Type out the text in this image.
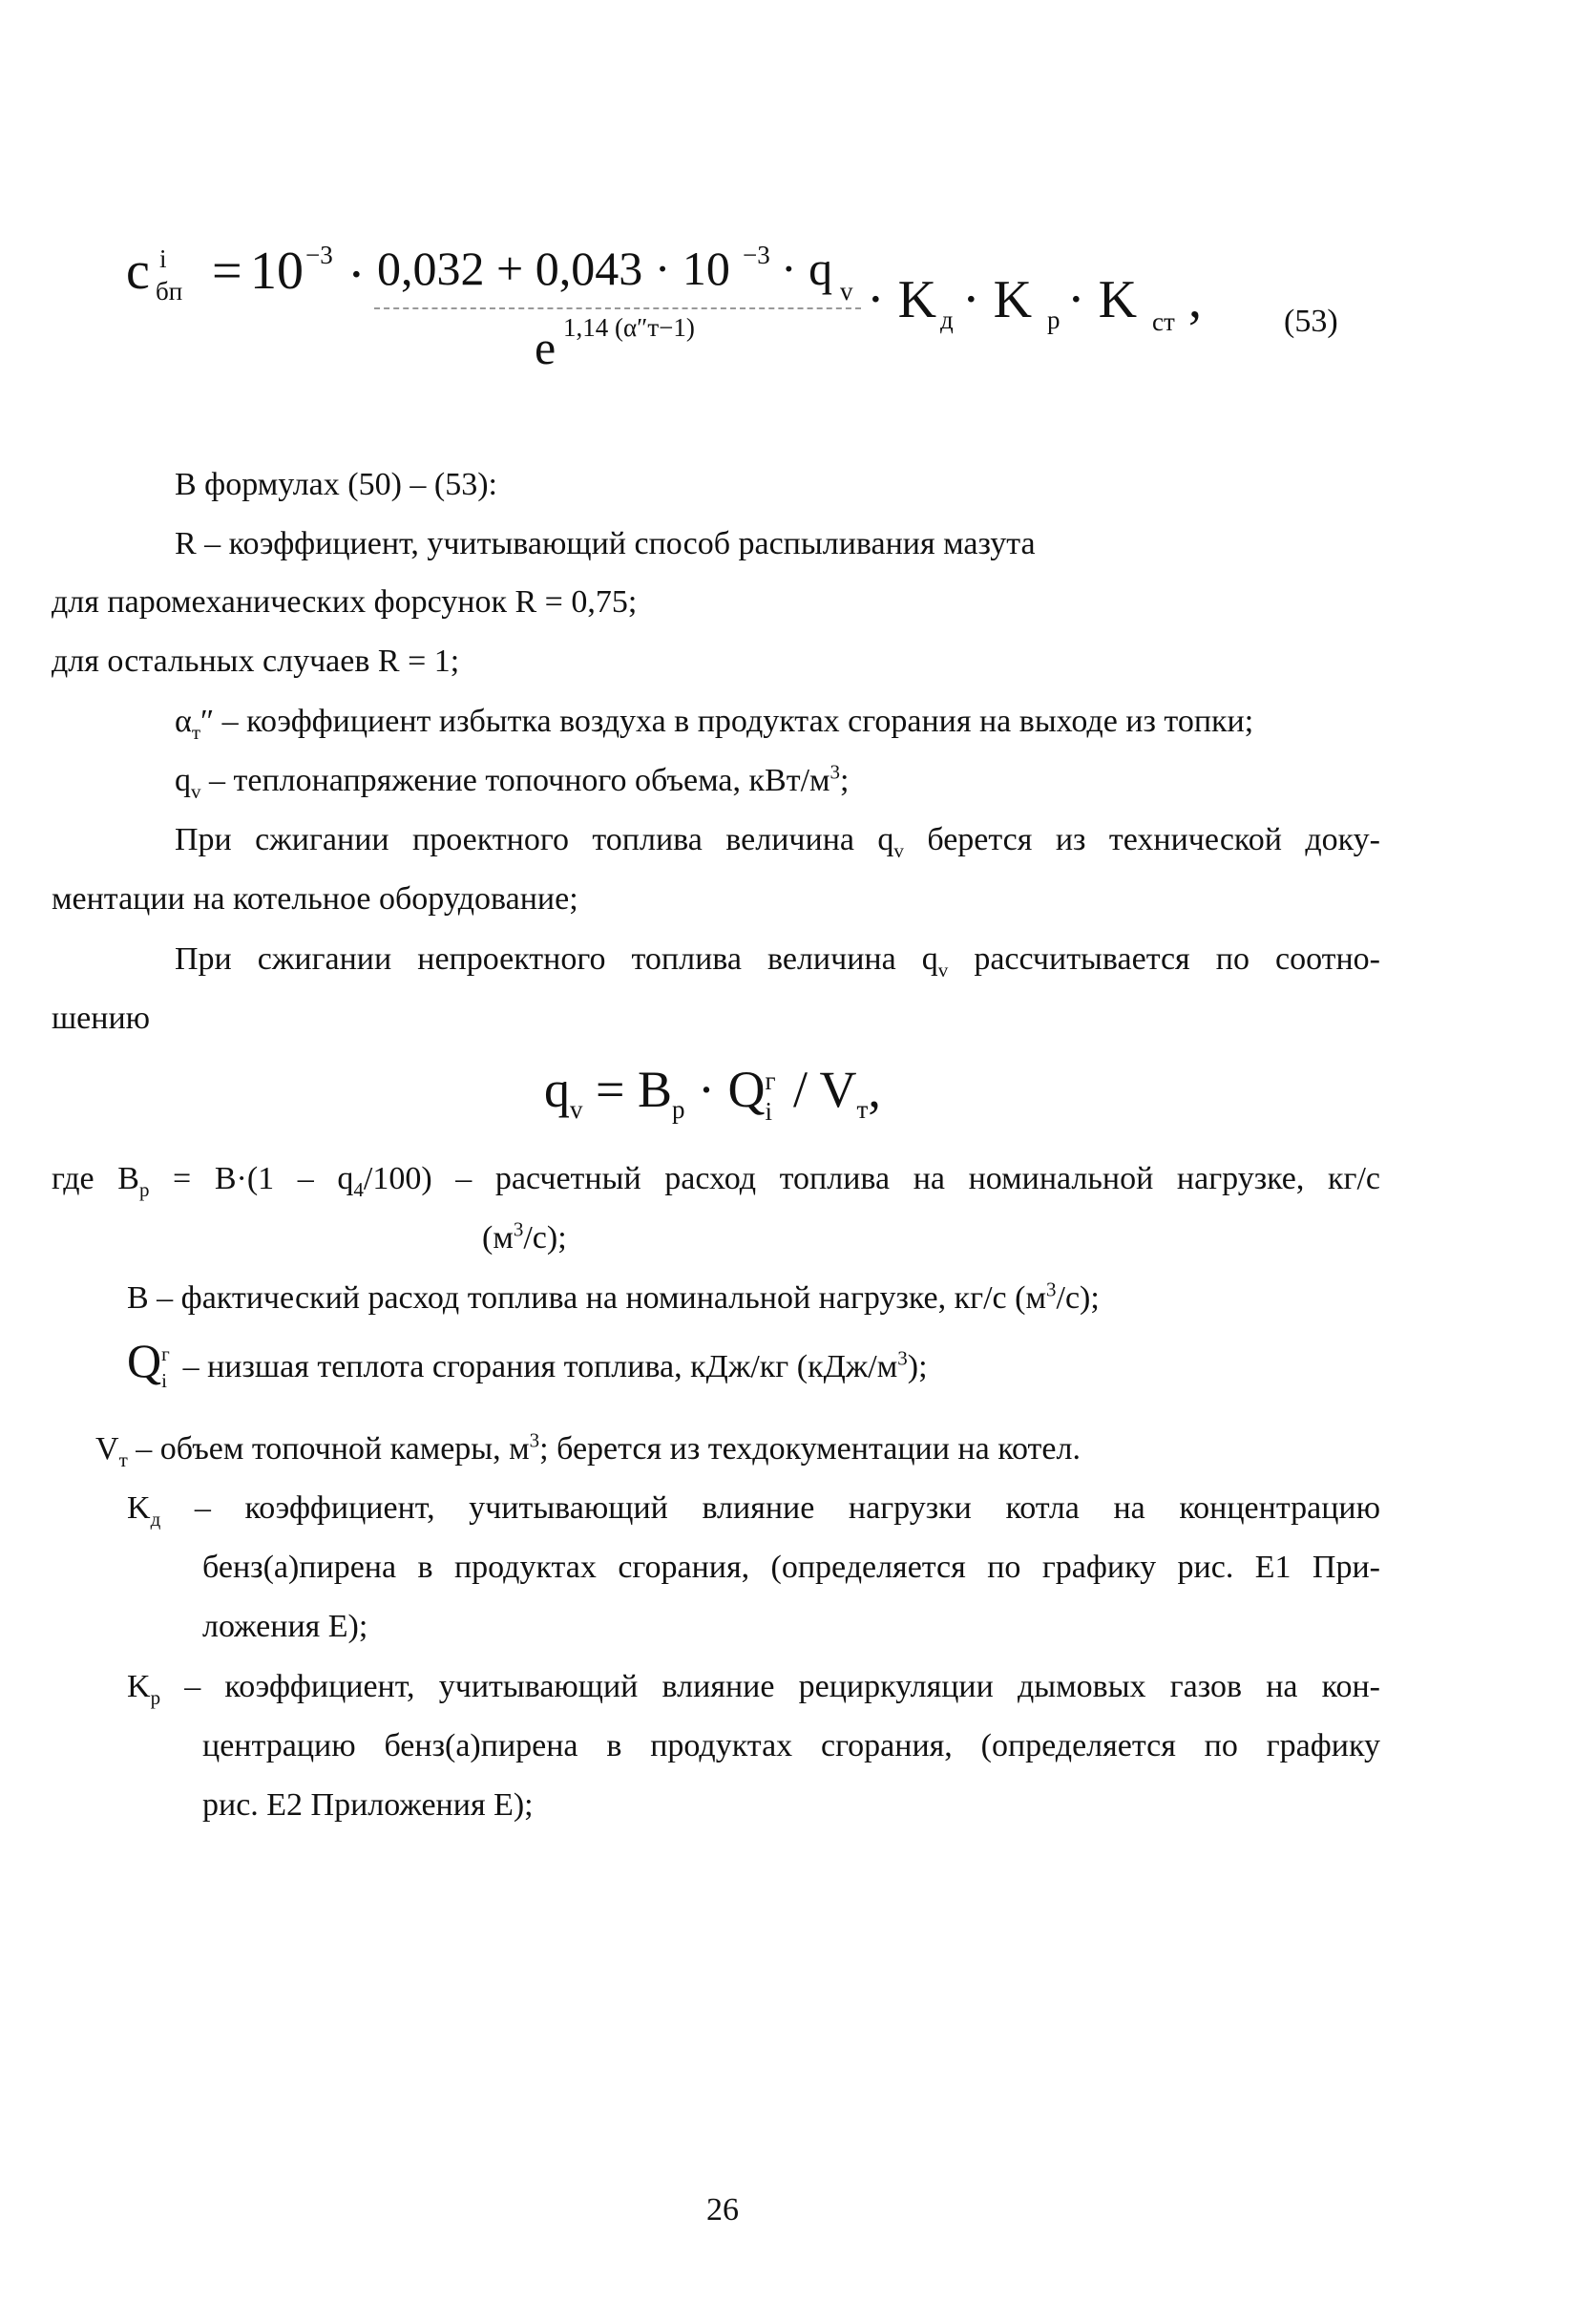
c і
бп = 10 −3 · 0,032 + 0,043 · 10 −3 · q v
e 1,14 (α″ᴛ−1)	· K д · K р · K ст ,	(53)
В формулах (50) – (53):
R – коэффициент, учитывающий способ распыливания мазута
для паромеханических форсунок R = 0,75;
для остальных случаев R = 1;
$\alpha_т''$ – коэффициент избытка воздуха в продуктах сгорания на выходе из топки;
$q_v$ – теплонапряжение топочного объема, кВт/$м^3$;
При сжигании проектного топлива величина $q_v$ берется из технической доку-
ментации на котельное оборудование;
При сжигании непроектного топлива величина $q_v$ рассчитывается по соотно-
шению
$q_v = B_р \cdot Q$ г
і / $V_т$,
где $B_р = B\cdot(1 - q_4/100)$ – расчетный расход топлива на номинальной нагрузке, кг/с
$(м^3/с)$;
B – фактический расход топлива на номинальной нагрузке, кг/с $(м^3/с)$;
Q г
і – низшая теплота сгорания топлива, кДж/кг $(кДж/м^3)$;
$V_т$ – объем топочной камеры, $м^3$; берется из техдокументации на котел.
$K_д$ – коэффициент, учитывающий влияние нагрузки котла на концентрацию
бенз(а)пирена в продуктах сгорания, (определяется по графику рис. Е1 При-
ложения Е);
$K_р$ – коэффициент, учитывающий влияние рециркуляции дымовых газов на кон-
центрацию бенз(а)пирена в продуктах сгорания, (определяется по графику
рис. Е2 Приложения Е);
26
